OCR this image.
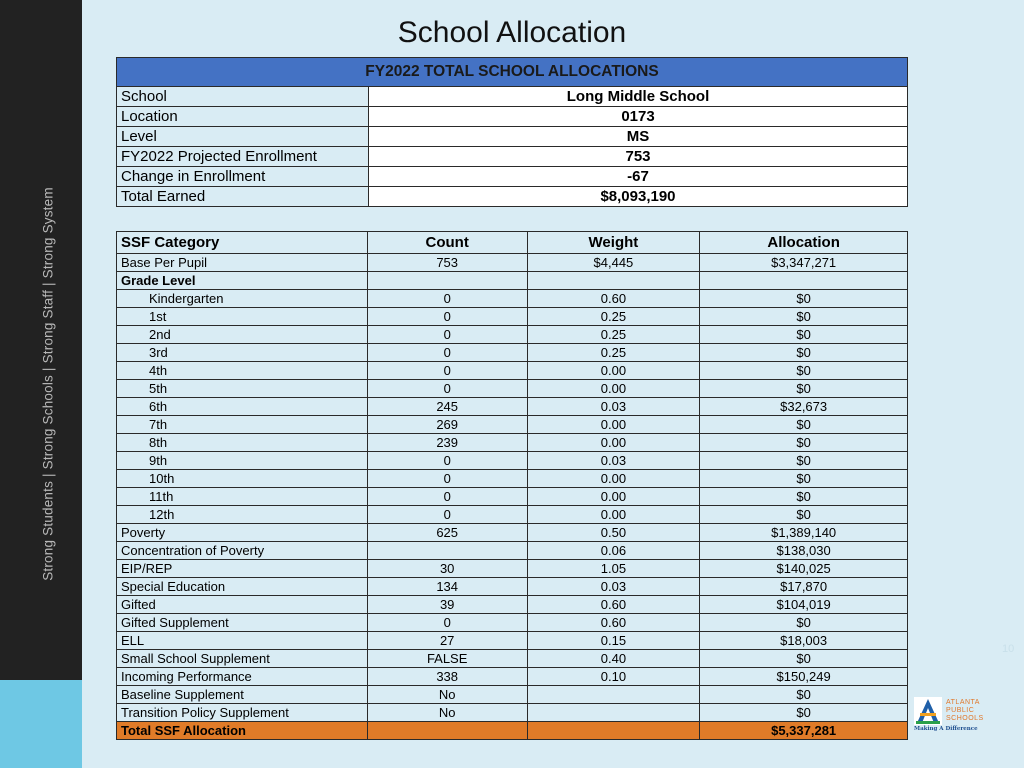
Strong Students | Strong Schools | Strong Staff | Strong System
School Allocation
FY2022 TOTAL SCHOOL ALLOCATIONS	
School	Long Middle School
Location	0173
Level	MS
FY2022 Projected Enrollment	753
Change in Enrollment	-67
Total Earned	$8,093,190
SSF Category	Count	Weight	Allocation
Base Per Pupil	753	$4,445	$3,347,271
Grade Level			
Kindergarten	0	0.60	$0
1st	0	0.25	$0
2nd	0	0.25	$0
3rd	0	0.25	$0
4th	0	0.00	$0
5th	0	0.00	$0
6th	245	0.03	$32,673
7th	269	0.00	$0
8th	239	0.00	$0
9th	0	0.03	$0
10th	0	0.00	$0
11th	0	0.00	$0
12th	0	0.00	$0
Poverty	625	0.50	$1,389,140
Concentration of Poverty		0.06	$138,030
EIP/REP	30	1.05	$140,025
Special Education	134	0.03	$17,870
Gifted	39	0.60	$104,019
Gifted Supplement	0	0.60	$0
ELL	27	0.15	$18,003
Small School Supplement	FALSE	0.40	$0
Incoming Performance	338	0.10	$150,249
Baseline Supplement	No		$0
Transition Policy Supplement	No		$0
Total SSF Allocation			$5,337,281
ATLANTA
PUBLIC
SCHOOLS
Making A Difference
10
